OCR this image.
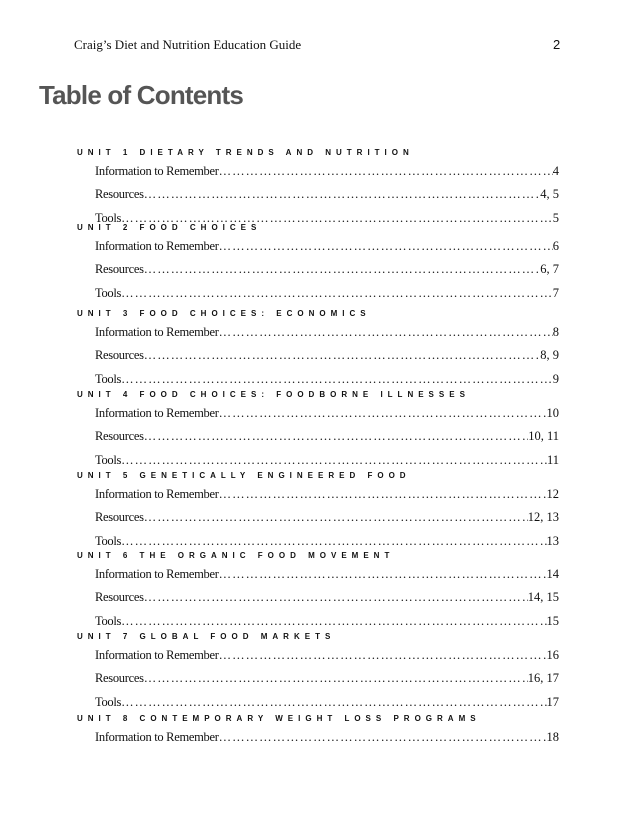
Craig’s Diet and Nutrition Education Guide	2
Table of Contents
UNIT 1 DIETARY TRENDS AND NUTRITION
Information to Remember …………………………………………………………………………………………………………………………………………………………………………………………	4
Resources …………………………………………………………………………………………………………………………………………………………………………………………	4, 5
Tools …………………………………………………………………………………………………………………………………………………………………………………………	5
UNIT 2 FOOD CHOICES
Information to Remember …………………………………………………………………………………………………………………………………………………………………………………………	6
Resources …………………………………………………………………………………………………………………………………………………………………………………………	6, 7
Tools …………………………………………………………………………………………………………………………………………………………………………………………	7
UNIT 3 FOOD CHOICES: ECONOMICS
Information to Remember …………………………………………………………………………………………………………………………………………………………………………………………	8
Resources …………………………………………………………………………………………………………………………………………………………………………………………	8, 9
Tools …………………………………………………………………………………………………………………………………………………………………………………………	9
UNIT 4 FOOD CHOICES: FOODBORNE ILLNESSES
Information to Remember …………………………………………………………………………………………………………………………………………………………………………………………	10
Resources …………………………………………………………………………………………………………………………………………………………………………………………	10, 11
Tools …………………………………………………………………………………………………………………………………………………………………………………………	11
UNIT 5 GENETICALLY ENGINEERED FOOD
Information to Remember …………………………………………………………………………………………………………………………………………………………………………………………	12
Resources …………………………………………………………………………………………………………………………………………………………………………………………	12, 13
Tools …………………………………………………………………………………………………………………………………………………………………………………………	13
UNIT 6 THE ORGANIC FOOD MOVEMENT
Information to Remember …………………………………………………………………………………………………………………………………………………………………………………………	14
Resources …………………………………………………………………………………………………………………………………………………………………………………………	14, 15
Tools …………………………………………………………………………………………………………………………………………………………………………………………	15
UNIT 7 GLOBAL FOOD MARKETS
Information to Remember …………………………………………………………………………………………………………………………………………………………………………………………	16
Resources …………………………………………………………………………………………………………………………………………………………………………………………	16, 17
Tools …………………………………………………………………………………………………………………………………………………………………………………………	17
UNIT 8 CONTEMPORARY WEIGHT LOSS PROGRAMS
Information to Remember …………………………………………………………………………………………………………………………………………………………………………………………	18
